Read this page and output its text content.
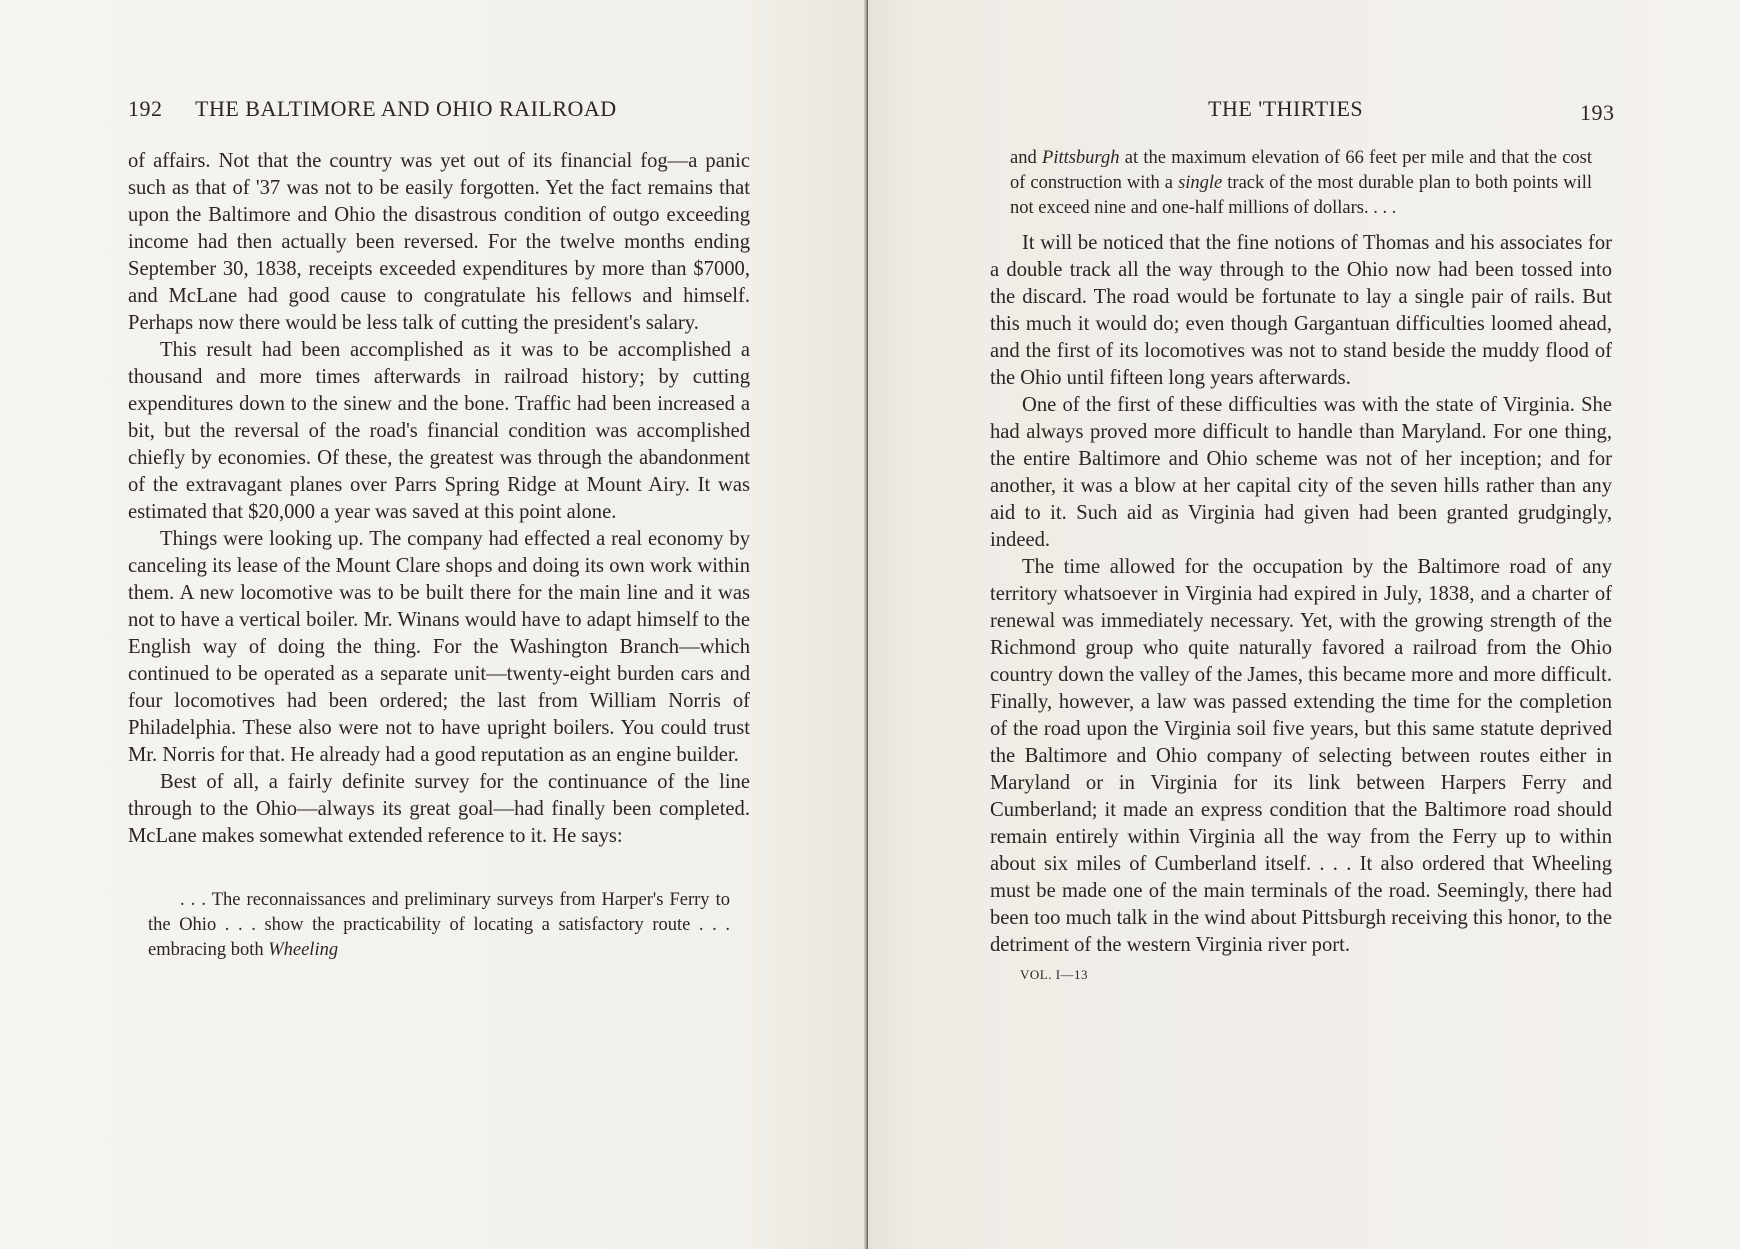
192 THE BALTIMORE AND OHIO RAILROAD

of affairs. Not that the country was yet out of its financial fog—a panic such as that of '37 was not to be easily forgotten. Yet the fact remains that upon the Baltimore and Ohio the disastrous condition of outgo exceeding income had then actually been reversed. For the twelve months ending September 30, 1838, receipts exceeded expenditures by more than $7000, and McLane had good cause to congratulate his fellows and himself. Perhaps now there would be less talk of cutting the president's salary.

This result had been accomplished as it was to be accomplished a thousand and more times afterwards in railroad history; by cutting expenditures down to the sinew and the bone. Traffic had been increased a bit, but the reversal of the road's financial condition was accomplished chiefly by economies. Of these, the greatest was through the abandonment of the extravagant planes over Parrs Spring Ridge at Mount Airy. It was estimated that $20,000 a year was saved at this point alone.

Things were looking up. The company had effected a real economy by canceling its lease of the Mount Clare shops and doing its own work within them. A new locomotive was to be built there for the main line and it was not to have a vertical boiler. Mr. Winans would have to adapt himself to the English way of doing the thing. For the Washington Branch—which continued to be operated as a separate unit—twenty-eight burden cars and four locomotives had been ordered; the last from William Norris of Philadelphia. These also were not to have upright boilers. You could trust Mr. Norris for that. He already had a good reputation as an engine builder.

Best of all, a fairly definite survey for the continuance of the line through to the Ohio—always its great goal—had finally been completed. McLane makes somewhat extended reference to it. He says:

. . . The reconnaissances and preliminary surveys from Harper's Ferry to the Ohio . . . show the practicability of locating a satisfactory route . . . embracing both Wheeling
THE 'THIRTIES	193
and Pittsburgh at the maximum elevation of 66 feet per mile and that the cost of construction with a single track of the most durable plan to both points will not exceed nine and one-half millions of dollars. . . .

It will be noticed that the fine notions of Thomas and his associates for a double track all the way through to the Ohio now had been tossed into the discard. The road would be fortunate to lay a single pair of rails. But this much it would do; even though Gargantuan difficulties loomed ahead, and the first of its locomotives was not to stand beside the muddy flood of the Ohio until fifteen long years afterwards.

One of the first of these difficulties was with the state of Virginia. She had always proved more difficult to handle than Maryland. For one thing, the entire Baltimore and Ohio scheme was not of her inception; and for another, it was a blow at her capital city of the seven hills rather than any aid to it. Such aid as Virginia had given had been granted grudgingly, indeed.

The time allowed for the occupation by the Baltimore road of any territory whatsoever in Virginia had expired in July, 1838, and a charter of renewal was immediately necessary. Yet, with the growing strength of the Richmond group who quite naturally favored a railroad from the Ohio country down the valley of the James, this became more and more difficult. Finally, however, a law was passed extending the time for the completion of the road upon the Virginia soil five years, but this same statute deprived the Baltimore and Ohio company of selecting between routes either in Maryland or in Virginia for its link between Harpers Ferry and Cumberland; it made an express condition that the Baltimore road should remain entirely within Virginia all the way from the Ferry up to within about six miles of Cumberland itself. . . . It also ordered that Wheeling must be made one of the main terminals of the road. Seemingly, there had been too much talk in the wind about Pittsburgh receiving this honor, to the detriment of the western Virginia river port.

VOL. I—13
